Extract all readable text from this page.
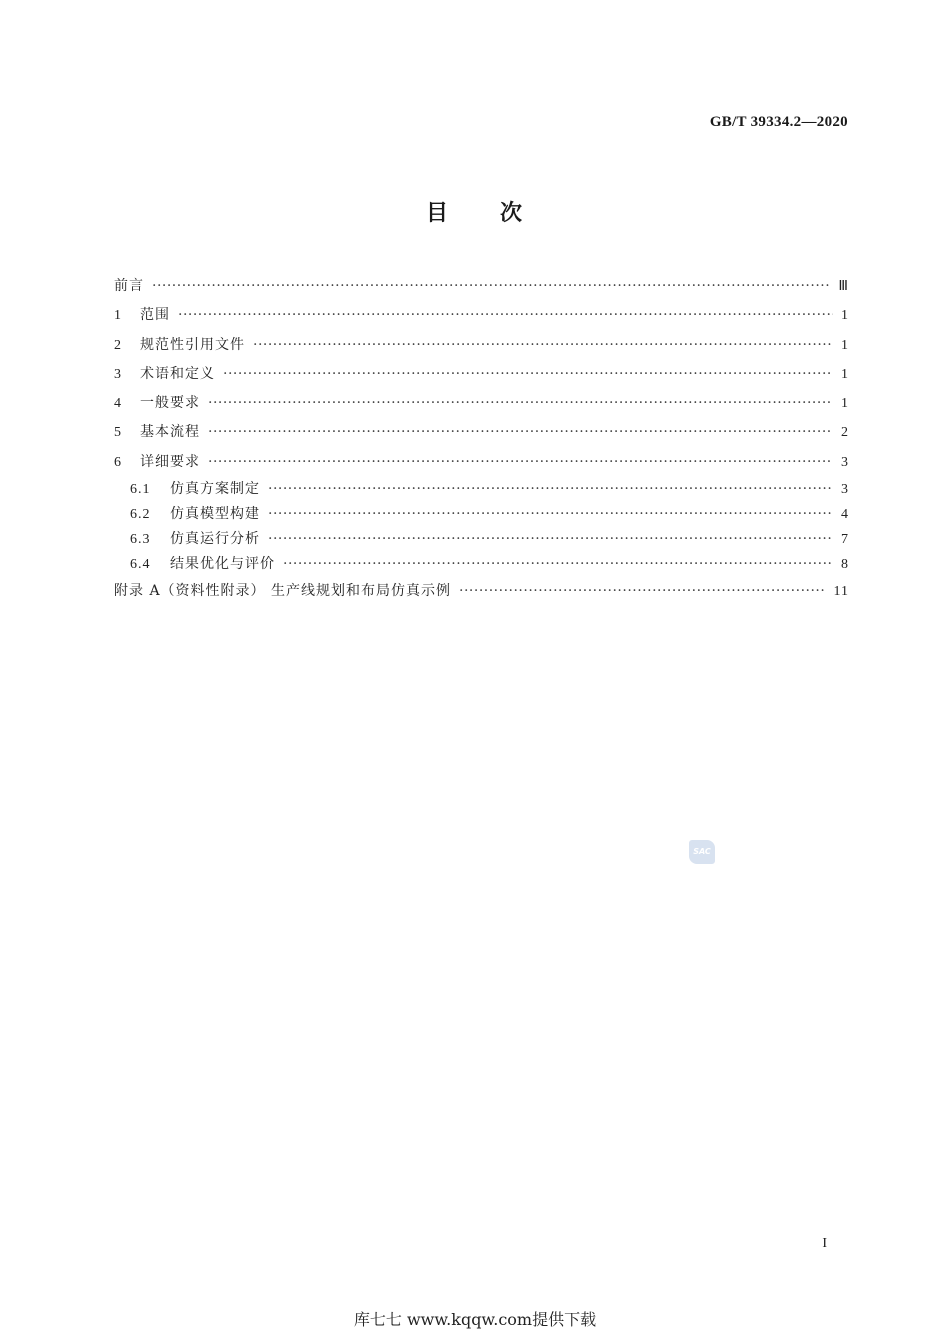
GB/T 39334.2—2020
目 次
前言 ·····	Ⅲ
1	范围 ·····	1
2	规范性引用文件 ·····	1
3	术语和定义 ·····	1
4	一般要求 ·····	1
5	基本流程 ·····	2
6	详细要求 ·····	3
6.1	仿真方案制定 ·····	3
6.2	仿真模型构建 ·····	4
6.3	仿真运行分析 ·····	7
6.4	结果优化与评价 ·····	8
附录 A（资料性附录） 生产线规划和布局仿真示例 ·····	11
SAC
I
库七七 www.kqqw.com提供下载
